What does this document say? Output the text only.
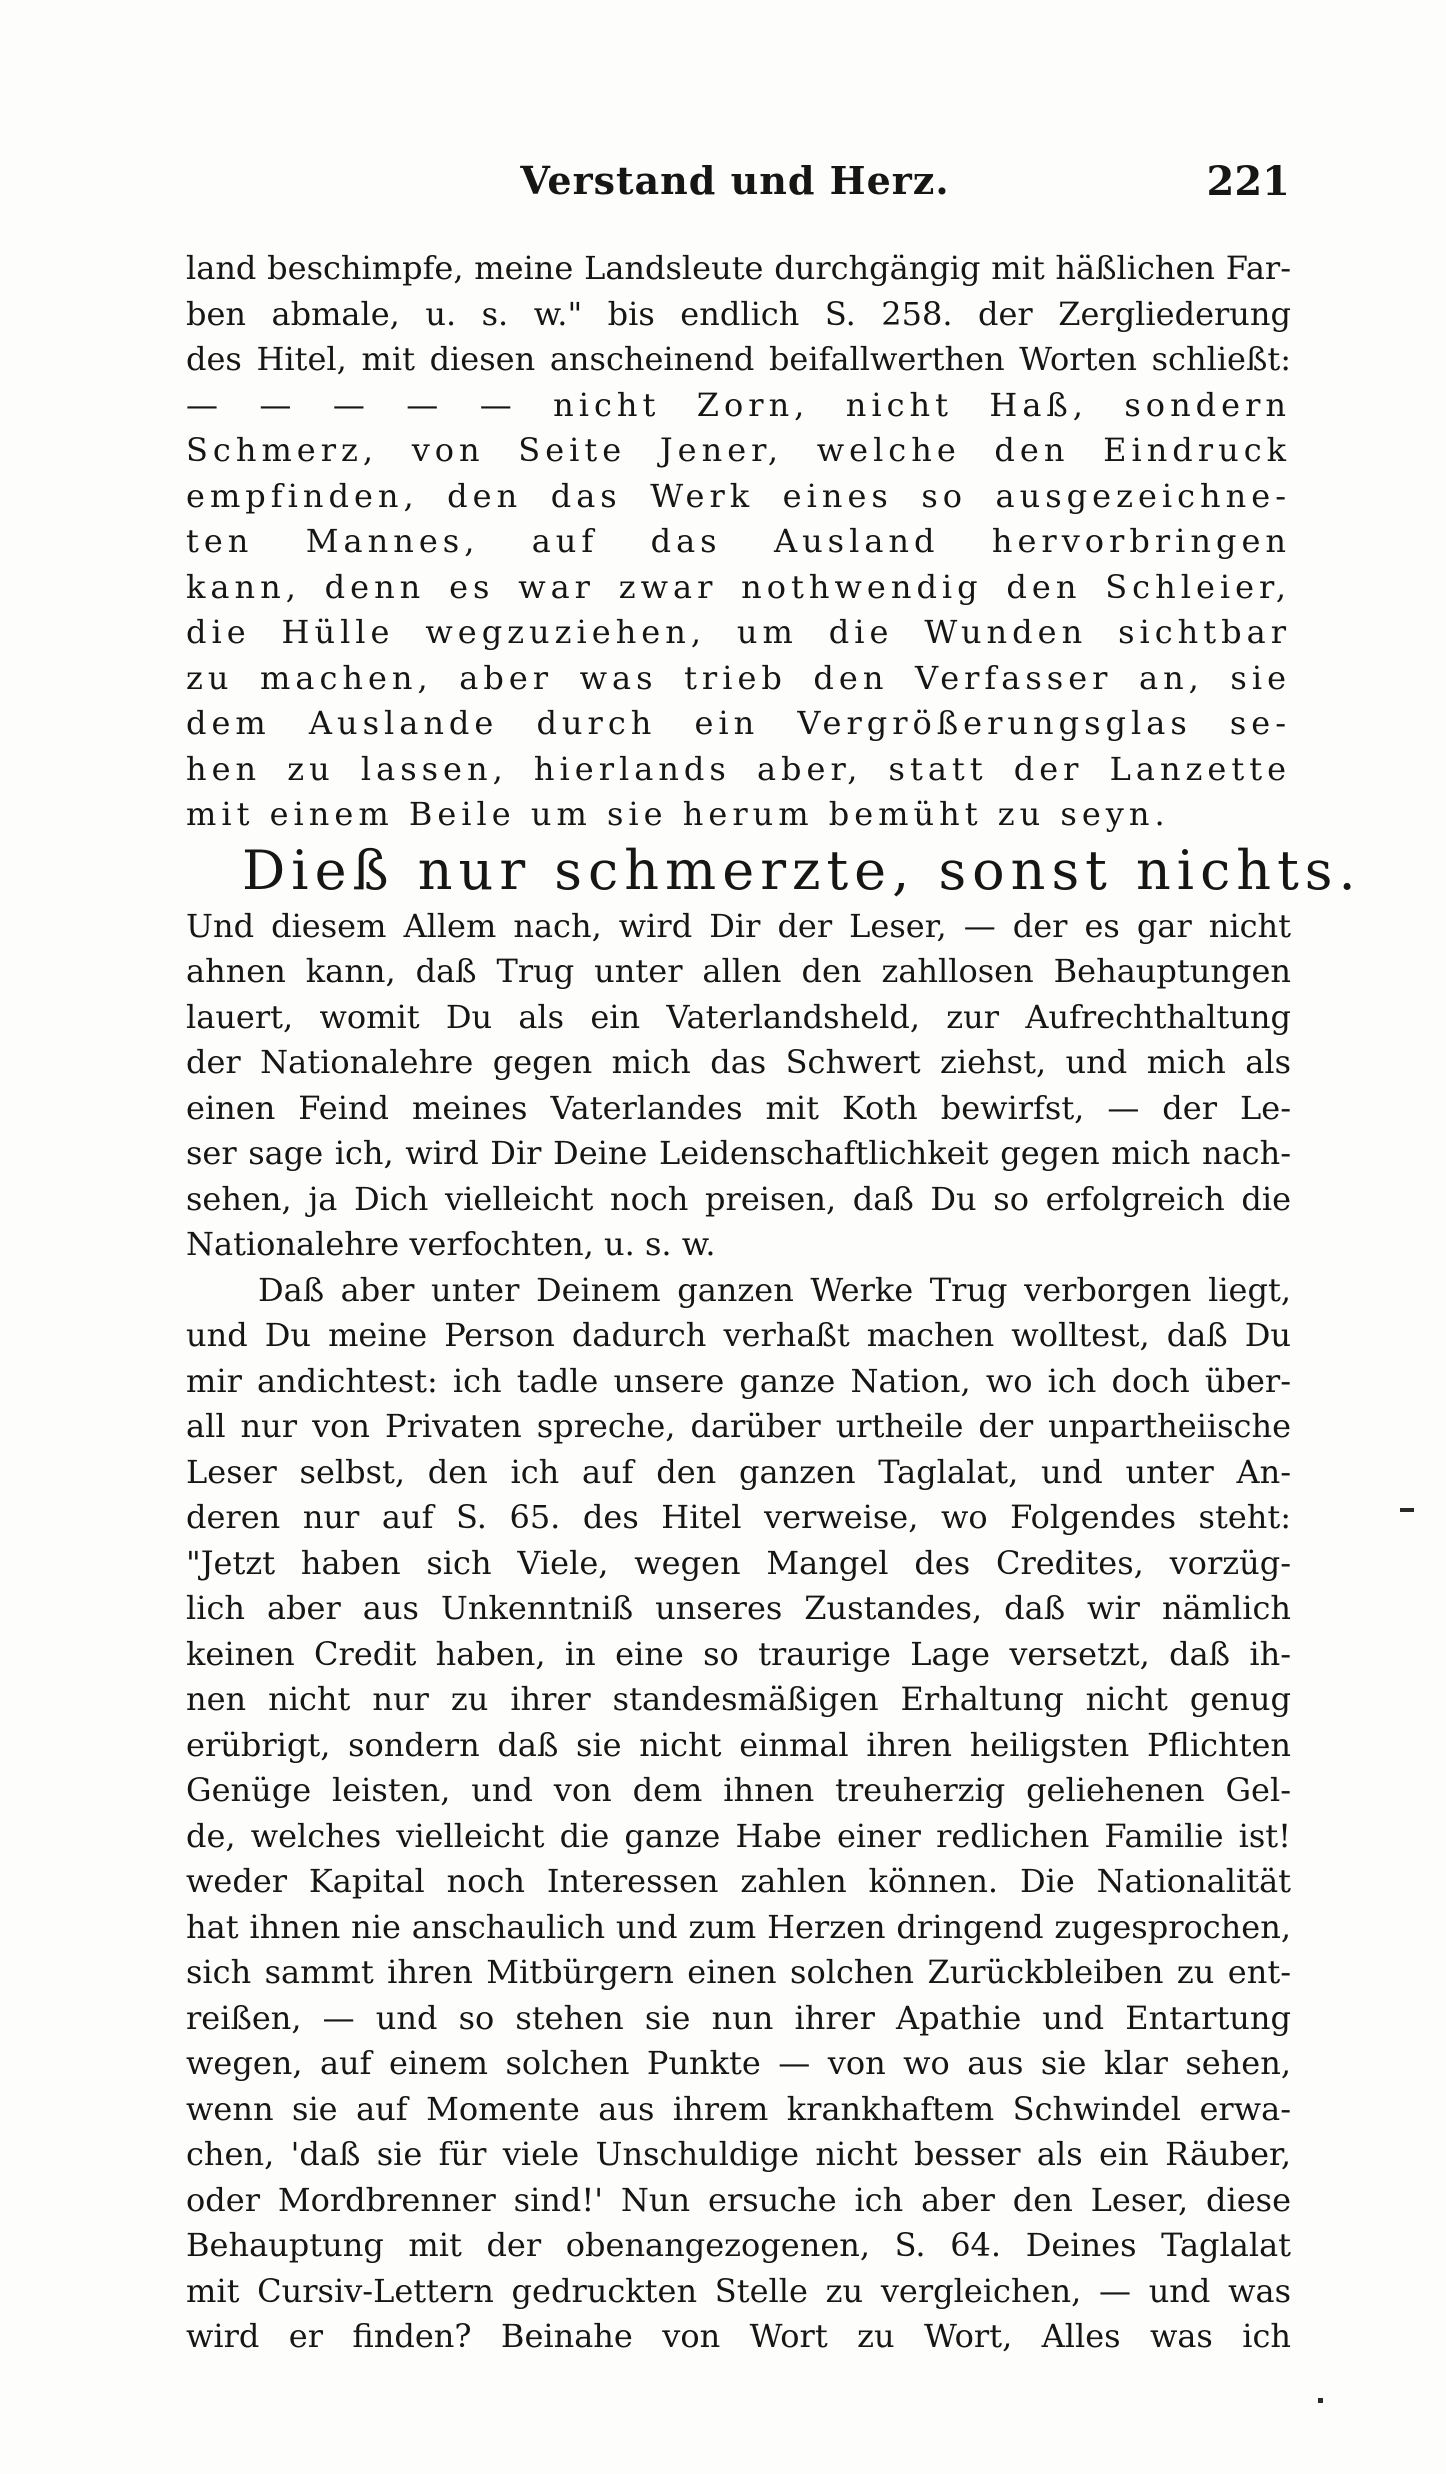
Verstand und Herz.	221
land beschimpfe, meine Landsleute durchgängig mit häßlichen Far-
ben abmale, u. s. w." bis endlich S. 258. der Zergliederung
des Hitel, mit diesen anscheinend beifallwerthen Worten schließt:
— — — — — nicht Zorn, nicht Haß, sondern
Schmerz, von Seite Jener, welche den Eindruck
empfinden, den das Werk eines so ausgezeichne-
ten Mannes, auf das Ausland hervorbringen
kann, denn es war zwar nothwendig den Schleier,
die Hülle wegzuziehen, um die Wunden sichtbar
zu machen, aber was trieb den Verfasser an, sie
dem Auslande durch ein Vergrößerungsglas se-
hen zu lassen, hierlands aber, statt der Lanzette
mit einem Beile um sie herum bemüht zu seyn.
Dieß nur schmerzte, sonst nichts.
Und diesem Allem nach, wird Dir der Leser, — der es gar nicht
ahnen kann, daß Trug unter allen den zahllosen Behauptungen
lauert, womit Du als ein Vaterlandsheld, zur Aufrechthaltung
der Nationalehre gegen mich das Schwert ziehst, und mich als
einen Feind meines Vaterlandes mit Koth bewirfst, — der Le-
ser sage ich, wird Dir Deine Leidenschaftlichkeit gegen mich nach-
sehen, ja Dich vielleicht noch preisen, daß Du so erfolgreich die
Nationalehre verfochten, u. s. w.
Daß aber unter Deinem ganzen Werke Trug verborgen liegt,
und Du meine Person dadurch verhaßt machen wolltest, daß Du
mir andichtest: ich tadle unsere ganze Nation, wo ich doch über-
all nur von Privaten spreche, darüber urtheile der unpartheiische
Leser selbst, den ich auf den ganzen Taglalat, und unter An-
deren nur auf S. 65. des Hitel verweise, wo Folgendes steht:
"Jetzt haben sich Viele, wegen Mangel des Credites, vorzüg-
lich aber aus Unkenntniß unseres Zustandes, daß wir nämlich
keinen Credit haben, in eine so traurige Lage versetzt, daß ih-
nen nicht nur zu ihrer standesmäßigen Erhaltung nicht genug
erübrigt, sondern daß sie nicht einmal ihren heiligsten Pflichten
Genüge leisten, und von dem ihnen treuherzig geliehenen Gel-
de, welches vielleicht die ganze Habe einer redlichen Familie ist!
weder Kapital noch Interessen zahlen können. Die Nationalität
hat ihnen nie anschaulich und zum Herzen dringend zugesprochen,
sich sammt ihren Mitbürgern einen solchen Zurückbleiben zu ent-
reißen, — und so stehen sie nun ihrer Apathie und Entartung
wegen, auf einem solchen Punkte — von wo aus sie klar sehen,
wenn sie auf Momente aus ihrem krankhaftem Schwindel erwa-
chen, 'daß sie für viele Unschuldige nicht besser als ein Räuber,
oder Mordbrenner sind!' Nun ersuche ich aber den Leser, diese
Behauptung mit der obenangezogenen, S. 64. Deines Taglalat
mit Cursiv-Lettern gedruckten Stelle zu vergleichen, — und was
wird er finden? Beinahe von Wort zu Wort, Alles was ich
